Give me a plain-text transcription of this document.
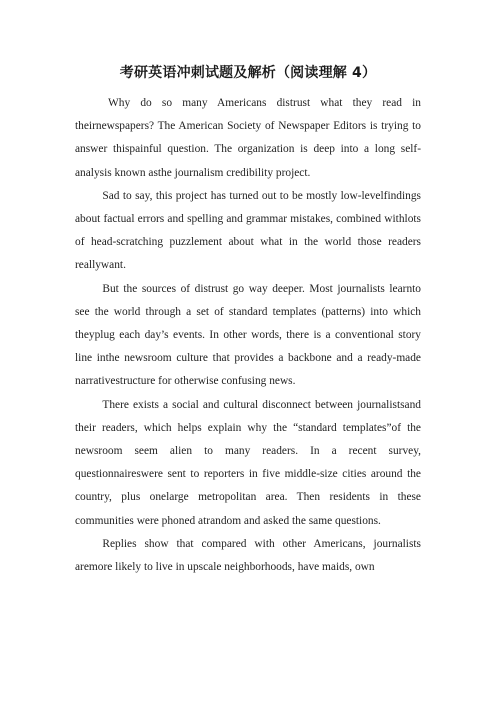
考研英语冲刺试题及解析（阅读理解 4）

Why do so many Americans distrust what they read in theirnewspapers? The American Society of Newspaper Editors is trying to answer thispainful question. The organization is deep into a long self-analysis known asthe journalism credibility project.

Sad to say, this project has turned out to be mostly low-levelfindings about factual errors and spelling and grammar mistakes, combined withlots of head-scratching puzzlement about what in the world those readers reallywant.

But the sources of distrust go way deeper. Most journalists learnto see the world through a set of standard templates (patterns) into which theyplug each day’s events. In other words, there is a conventional story line inthe newsroom culture that provides a backbone and a ready-made narrativestructure for otherwise confusing news.

There exists a social and cultural disconnect between journalistsand their readers, which helps explain why the “standard templates”of the newsroom seem alien to many readers. In a recent survey, questionnaireswere sent to reporters in five middle-size cities around the country, plus onelarge metropolitan area. Then residents in these communities were phoned atrandom and asked the same questions.

Replies show that compared with other Americans, journalists aremore likely to live in upscale neighborhoods, have maids, own
